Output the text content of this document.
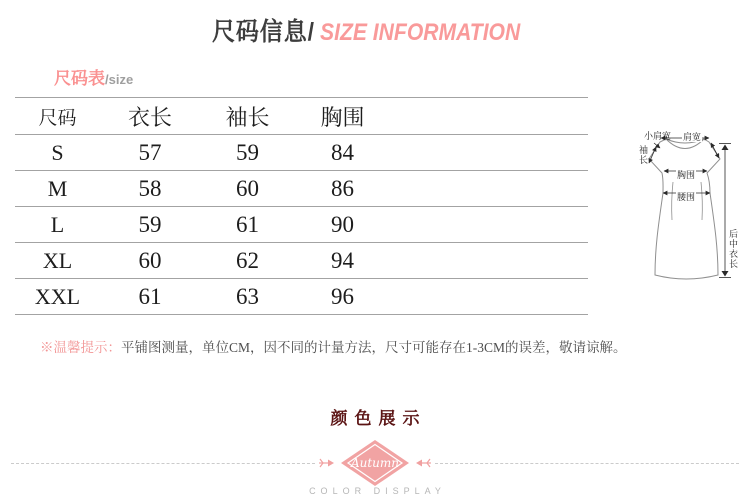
尺码信息/ SIZE INFORMATION
尺码表/size
尺码	衣长	袖长	胸围	
S	57	59	84	
M	58	60	86	
L	59	61	90	
XL	60	62	94	
XXL	61	63	96	
小肩宽 肩宽
袖长
胸围
腰围
后中衣长
※温馨提示：平铺图测量，单位CM，因不同的计量方法，尺寸可能存在1-3CM的误差，敬请谅解。
颜色展示
Autumn
COLOR DISPLAY
